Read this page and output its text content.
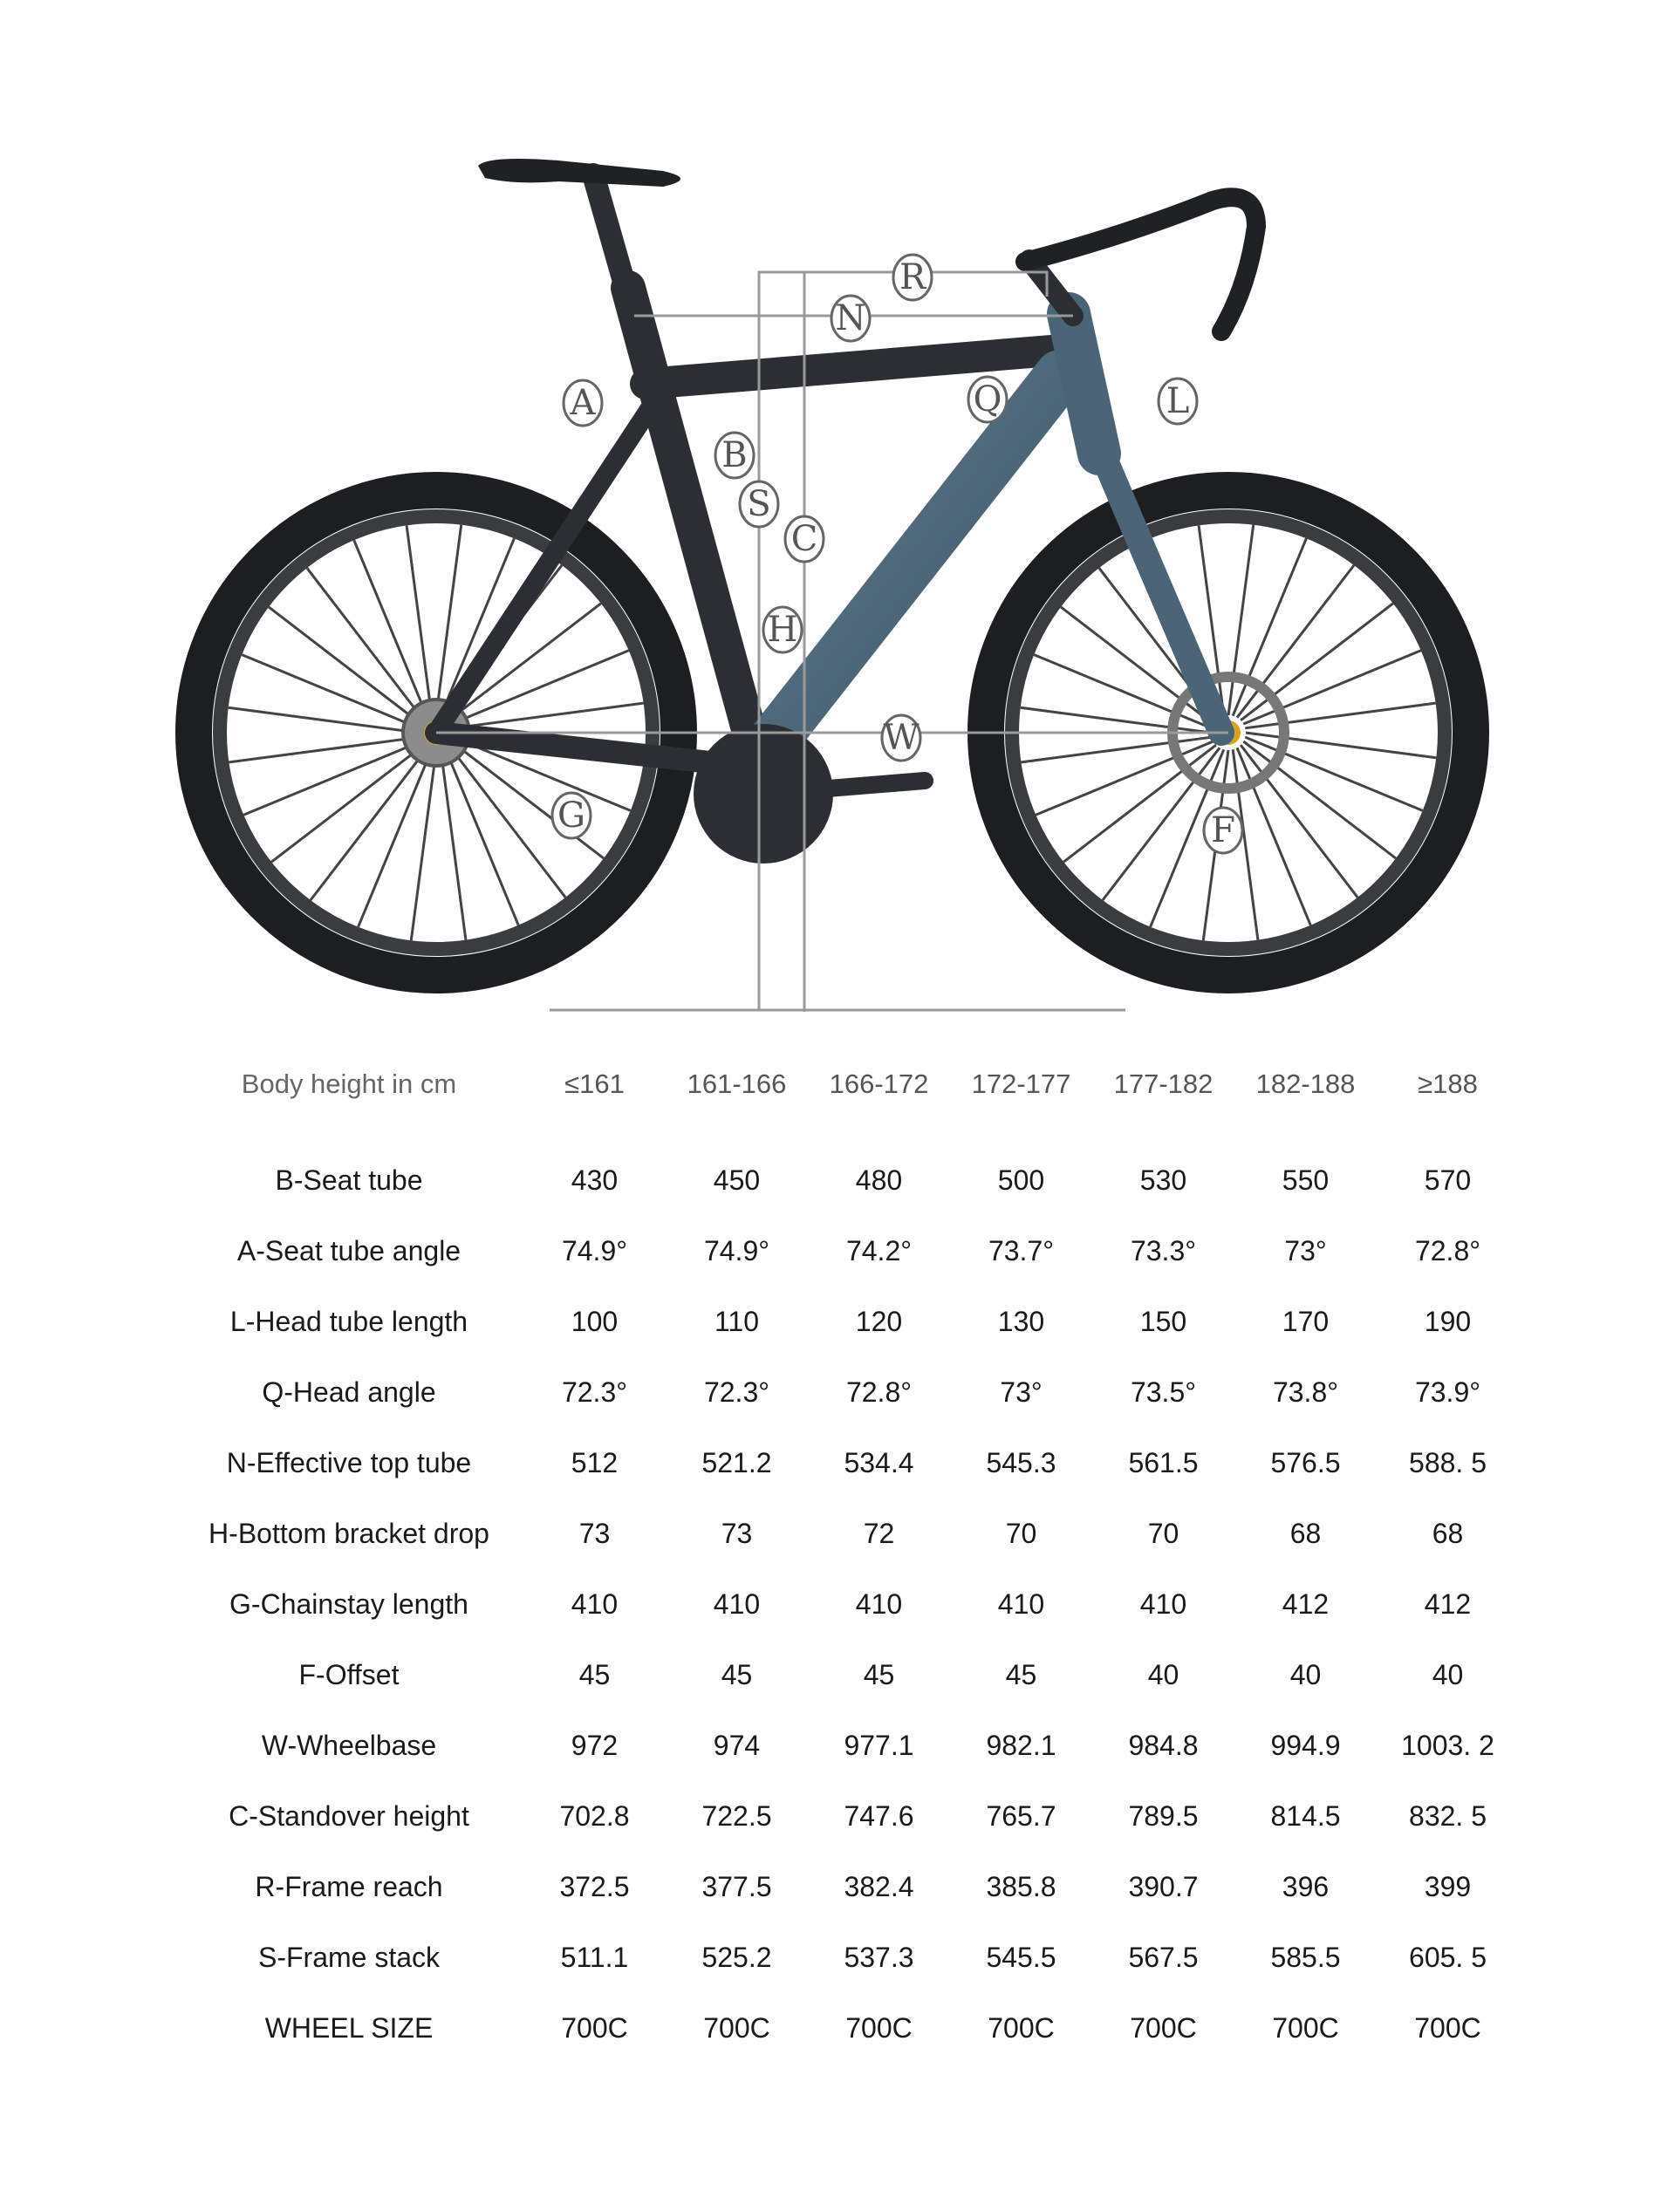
R
N
A
B
S
C
Q	L
H
W
G	F
Body height in cm	≤161	161-166	166-172	172-177	177-182	182-188	≥188
B-Seat tube	430	450	480	500	530	550	570
A-Seat tube angle	74.9°	74.9°	74.2°	73.7°	73.3°	73°	72.8°
L-Head tube length	100	110	120	130	150	170	190
Q-Head angle	72.3°	72.3°	72.8°	73°	73.5°	73.8°	73.9°
N-Effective top tube	512	521.2	534.4	545.3	561.5	576.5	588. 5
H-Bottom bracket drop	73	73	72	70	70	68	68
G-Chainstay length	410	410	410	410	410	412	412
F-Offset	45	45	45	45	40	40	40
W-Wheelbase	972	974	977.1	982.1	984.8	994.9	1003. 2
C-Standover height	702.8	722.5	747.6	765.7	789.5	814.5	832. 5
R-Frame reach	372.5	377.5	382.4	385.8	390.7	396	399
S-Frame stack	511.1	525.2	537.3	545.5	567.5	585.5	605. 5
WHEEL SIZE	700C	700C	700C	700C	700C	700C	700C
